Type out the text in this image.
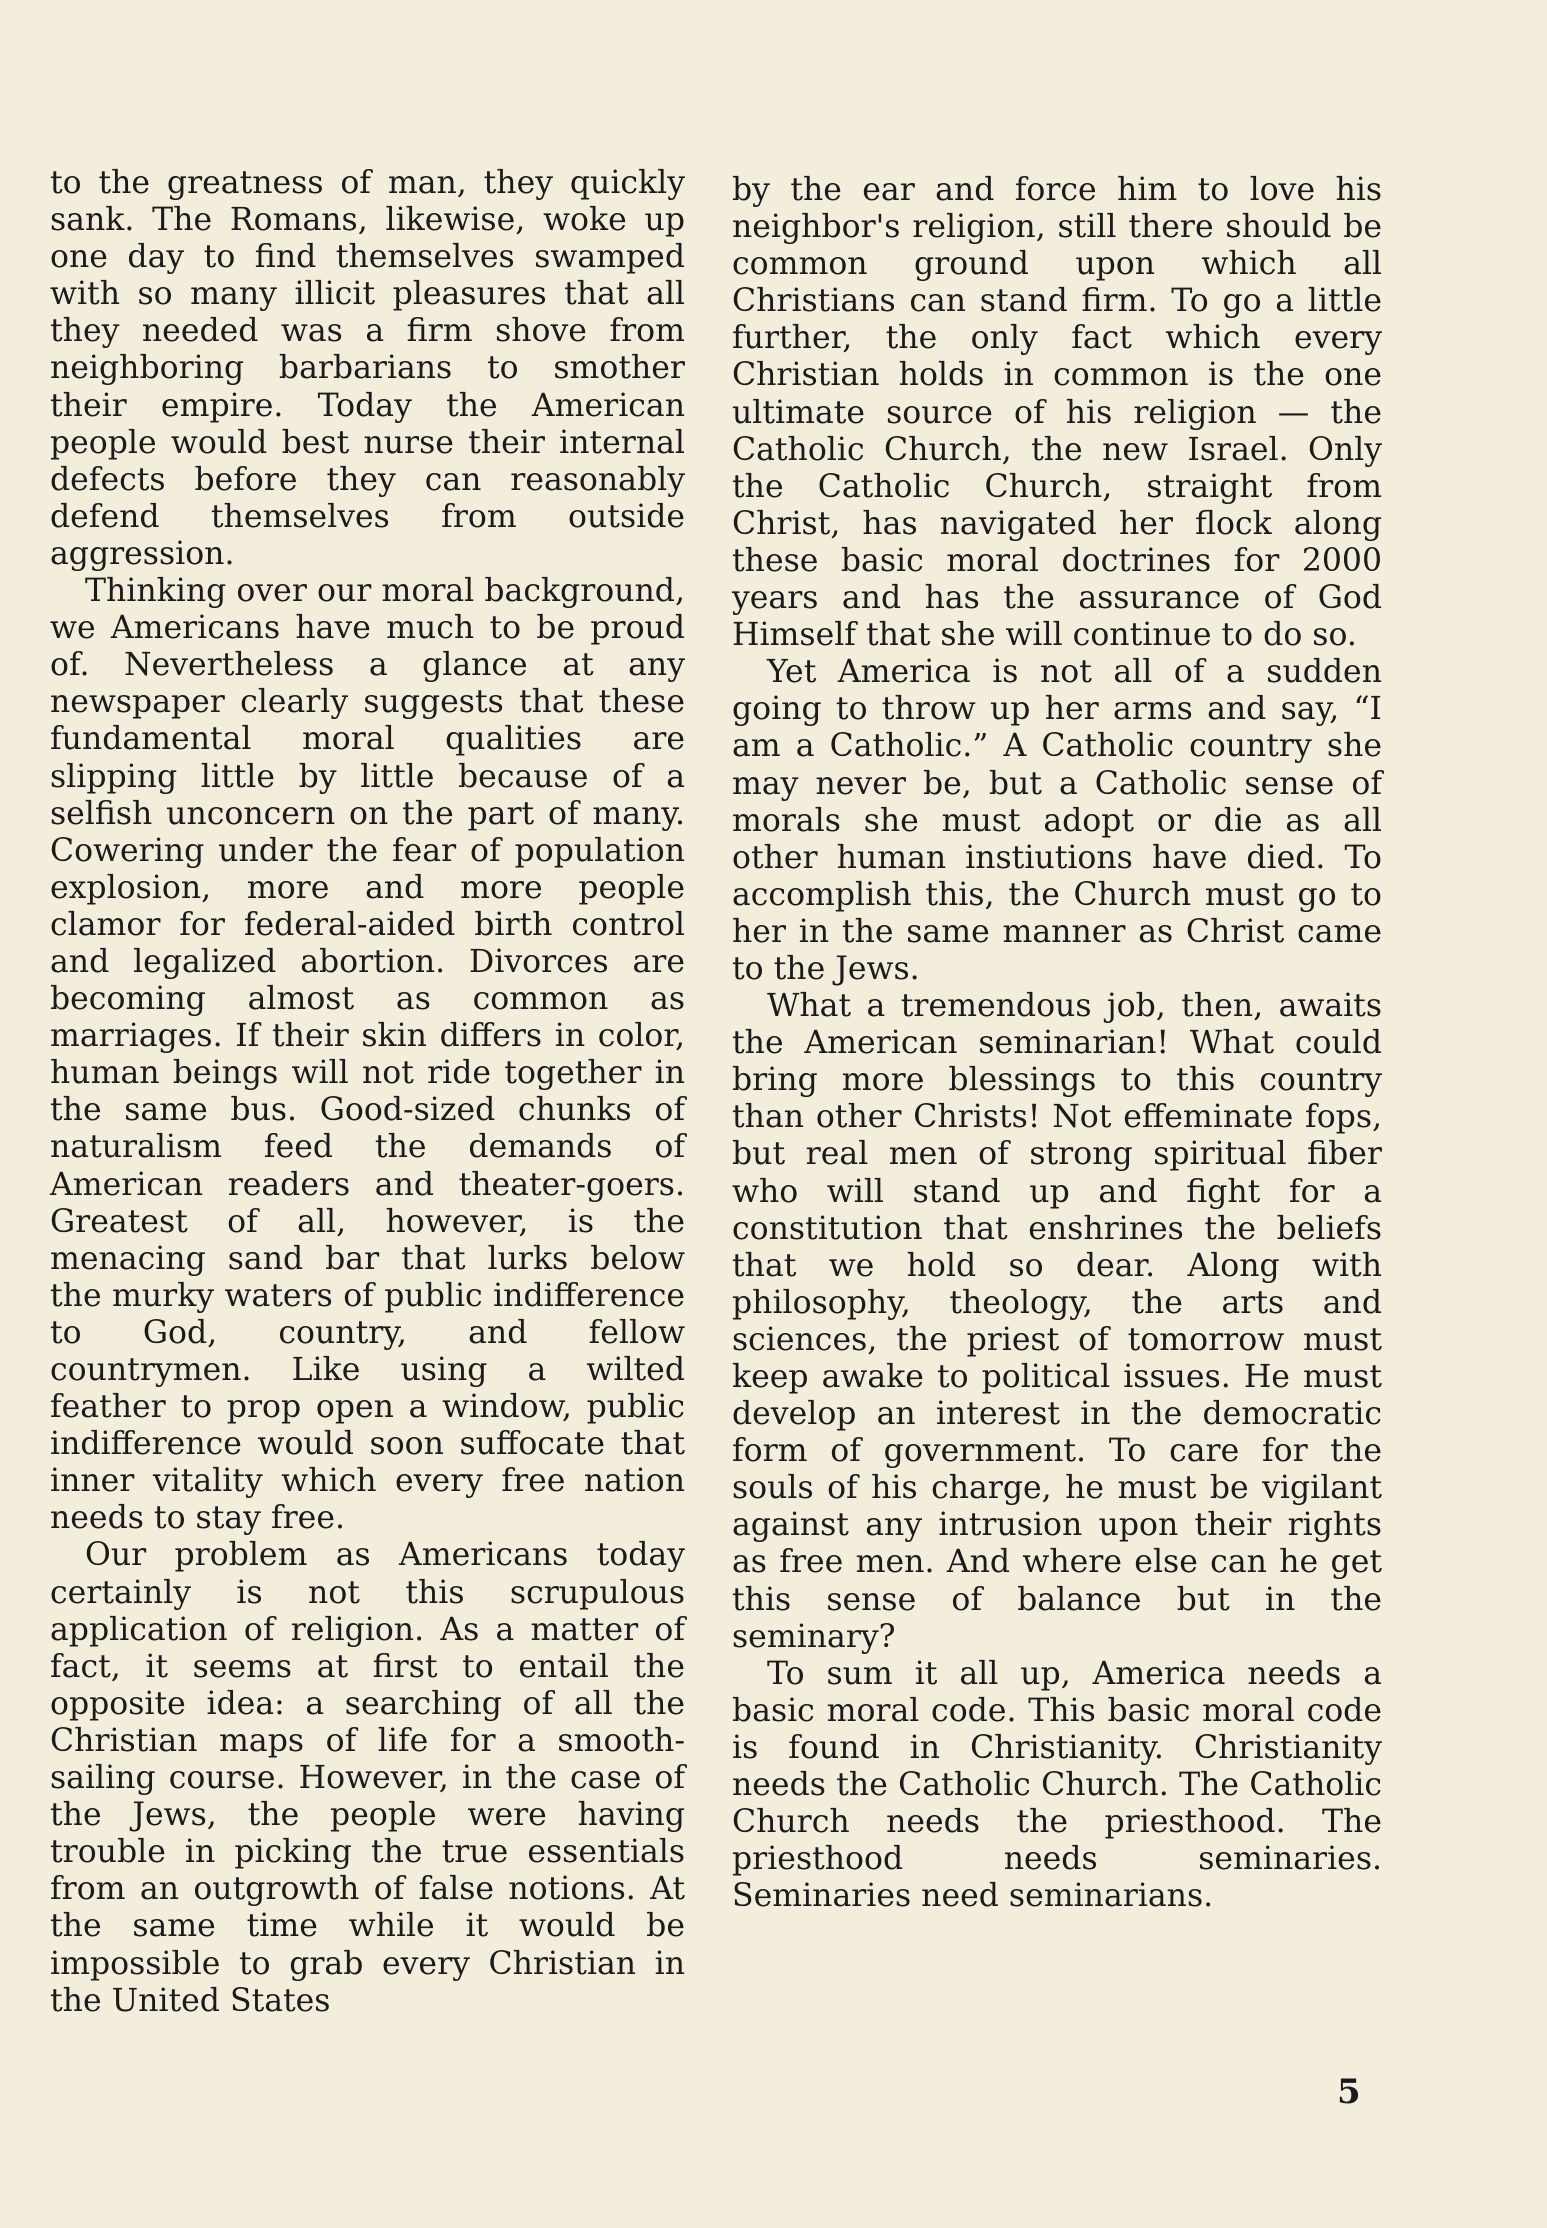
to the greatness of man, they quickly sank. The Romans, likewise, woke up one day to find themselves swamped with so many illicit pleasures that all they needed was a firm shove from neighboring barbarians to smother their empire. Today the American people would best nurse their internal defects before they can reasonably defend themselves from outside aggression.

Thinking over our moral background, we Americans have much to be proud of. Nevertheless a glance at any newspaper clearly suggests that these fundamental moral qualities are slipping little by little because of a selfish unconcern on the part of many. Cowering under the fear of population explosion, more and more people clamor for federal-aided birth control and legalized abortion. Divorces are becoming almost as common as marriages. If their skin differs in color, human beings will not ride together in the same bus. Good-sized chunks of naturalism feed the demands of American readers and theater-goers. Greatest of all, however, is the menacing sand bar that lurks below the murky waters of public indifference to God, country, and fellow countrymen. Like using a wilted feather to prop open a window, public indifference would soon suffocate that inner vitality which every free nation needs to stay free.

Our problem as Americans today certainly is not this scrupulous application of religion. As a matter of fact, it seems at first to entail the opposite idea: a searching of all the Christian maps of life for a smooth-sailing course. However, in the case of the Jews, the people were having trouble in picking the true essentials from an outgrowth of false notions. At the same time while it would be impossible to grab every Christian in the United States

by the ear and force him to love his neighbor's religion, still there should be common ground upon which all Christians can stand firm. To go a little further, the only fact which every Christian holds in common is the one ultimate source of his religion — the Catholic Church, the new Israel. Only the Catholic Church, straight from Christ, has navigated her flock along these basic moral doctrines for 2000 years and has the assurance of God Himself that she will continue to do so.

Yet America is not all of a sudden going to throw up her arms and say, “I am a Catholic.” A Catholic country she may never be, but a Catholic sense of morals she must adopt or die as all other human instiutions have died. To accomplish this, the Church must go to her in the same manner as Christ came to the Jews.

What a tremendous job, then, awaits the American seminarian! What could bring more blessings to this country than other Christs! Not effeminate fops, but real men of strong spiritual fiber who will stand up and fight for a constitution that enshrines the beliefs that we hold so dear. Along with philosophy, theology, the arts and sciences, the priest of tomorrow must keep awake to political issues. He must develop an interest in the democratic form of government. To care for the souls of his charge, he must be vigilant against any intrusion upon their rights as free men. And where else can he get this sense of balance but in the seminary?

To sum it all up, America needs a basic moral code. This basic moral code is found in Christianity. Christianity needs the Catholic Church. The Catholic Church needs the priesthood. The priesthood needs seminaries. Seminaries need seminarians.

5
